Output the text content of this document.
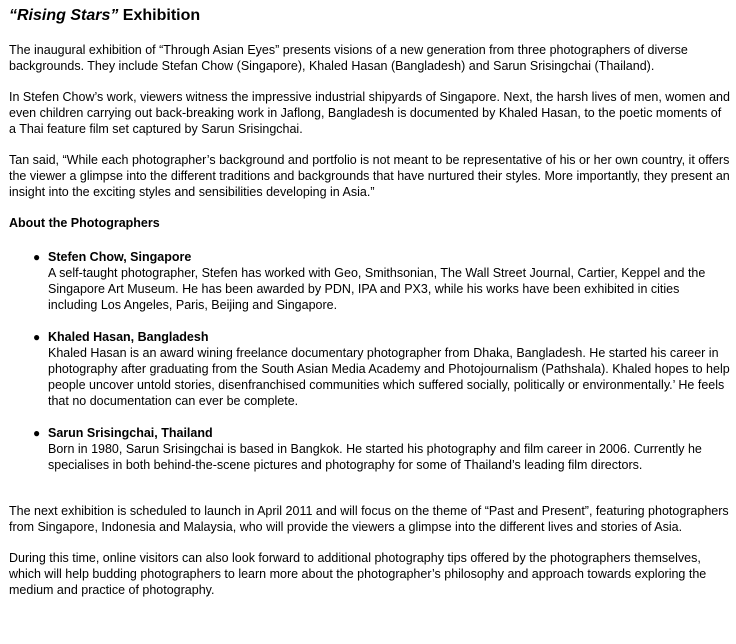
“Rising Stars” Exhibition

The inaugural exhibition of “Through Asian Eyes” presents visions of a new generation from three photographers of diverse backgrounds. They include Stefan Chow (Singapore), Khaled Hasan (Bangladesh) and Sarun Srisingchai (Thailand).

In Stefen Chow’s work, viewers witness the impressive industrial shipyards of Singapore. Next, the harsh lives of men, women and even children carrying out back-breaking work in Jaflong, Bangladesh is documented by Khaled Hasan, to the poetic moments of a Thai feature film set captured by Sarun Srisingchai.

Tan said, “While each photographer’s background and portfolio is not meant to be representative of his or her own country, it offers the viewer a glimpse into the different traditions and backgrounds that have nurtured their styles. More importantly, they present an insight into the exciting styles and sensibilities developing in Asia.”

About the Photographers

● Stefen Chow, Singapore
A self-taught photographer, Stefen has worked with Geo, Smithsonian, The Wall Street Journal, Cartier, Keppel and the Singapore Art Museum. He has been awarded by PDN, IPA and PX3, while his works have been exhibited in cities including Los Angeles, Paris, Beijing and Singapore.
● Khaled Hasan, Bangladesh
Khaled Hasan is an award wining freelance documentary photographer from Dhaka, Bangladesh. He started his career in photography after graduating from the South Asian Media Academy and Photojournalism (Pathshala). Khaled hopes to help people uncover untold stories, disenfranchised communities which suffered socially, politically or environmentally.’ He feels that no documentation can ever be complete.
● Sarun Srisingchai, Thailand
Born in 1980, Sarun Srisingchai is based in Bangkok. He started his photography and film career in 2006. Currently he specialises in both behind-the-scene pictures and photography for some of Thailand’s leading film directors.

The next exhibition is scheduled to launch in April 2011 and will focus on the theme of “Past and Present”, featuring photographers from Singapore, Indonesia and Malaysia, who will provide the viewers a glimpse into the different lives and stories of Asia.

During this time, online visitors can also look forward to additional photography tips offered by the photographers themselves, which will help budding photographers to learn more about the photographer’s philosophy and approach towards exploring the medium and practice of photography.
